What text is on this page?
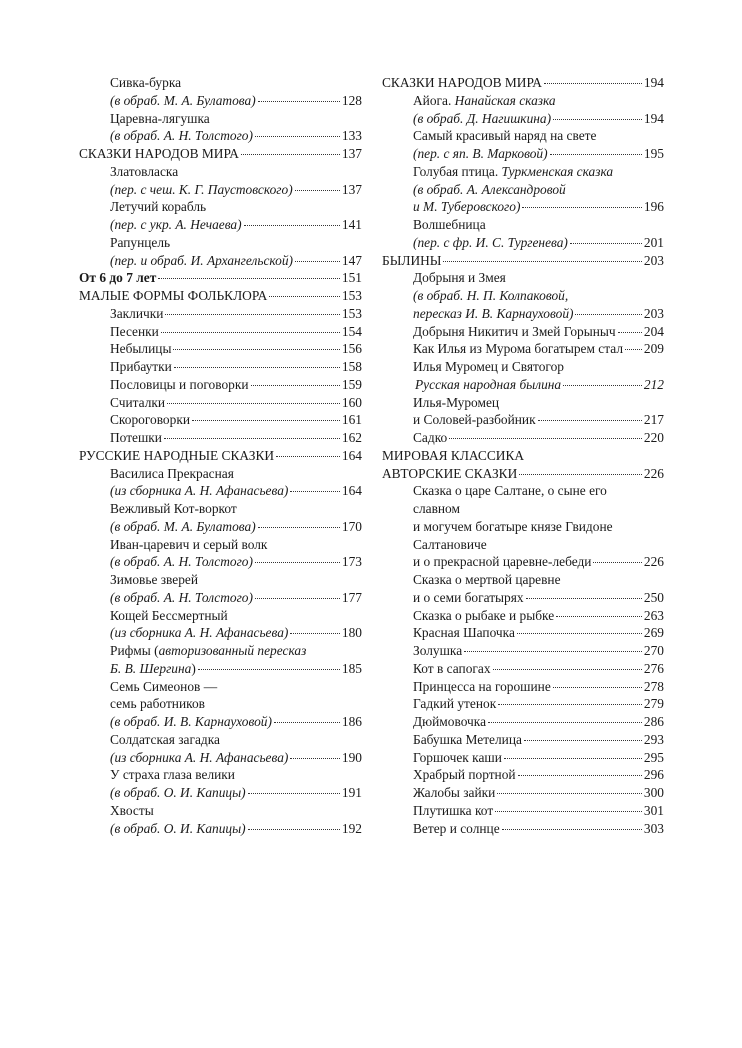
Сивка-бурка
(в обраб. М. А. Булатова)	128
Царевна-лягушка
(в обраб. А. Н. Толстого)	133
СКАЗКИ НАРОДОВ МИРА	137
Златовласка
(пер. с чеш. К. Г. Паустовского)	137
Летучий корабль
(пер. с укр. А. Нечаева)	141
Рапунцель
(пер. и обраб. И. Архангельской)	147
От 6 до 7 лет	151
МАЛЫЕ ФОРМЫ ФОЛЬКЛОРА	153
Заклички	153
Песенки	154
Небылицы	156
Прибаутки	158
Пословицы и поговорки	159
Считалки	160
Скороговорки	161
Потешки	162
РУССКИЕ НАРОДНЫЕ СКАЗКИ	164
Василиса Прекрасная
(из сборника А. Н. Афанасьева)	164
Вежливый Кот-воркот
(в обраб. М. А. Булатова)	170
Иван-царевич и серый волк
(в обраб. А. Н. Толстого)	173
Зимовье зверей
(в обраб. А. Н. Толстого)	177
Кощей Бессмертный
(из сборника А. Н. Афанасьева)	180
Рифмы (авторизованный пересказ
Б. В. Шергина)	185
Семь Симеонов —
семь работников
(в обраб. И. В. Карнауховой)	186
Солдатская загадка
(из сборника А. Н. Афанасьева)	190
У страха глаза велики
(в обраб. О. И. Капицы)	191
Хвосты
(в обраб. О. И. Капицы)	192
СКАЗКИ НАРОДОВ МИРА	194
Айога. Нанайская сказка
(в обраб. Д. Нагишкина)	194
Самый красивый наряд на свете
(пер. с яп. В. Марковой)	195
Голубая птица. Туркменская сказка
(в обраб. А. Александровой
и М. Туберовского)	196
Волшебница
(пер. с фр. И. С. Тургенева)	201
БЫЛИНЫ	203
Добрыня и Змея
(в обраб. Н. П. Колпаковой,
пересказ И. В. Карнауховой)	203
Добрыня Никитич и Змей Горыныч 204
Как Илья из Мурома богатырем стал 209
Илья Муромец и Святогор
Русская народная былина	212
Илья-Муромец
и Соловей-разбойник	217
Садко	220
МИРОВАЯ КЛАССИКА
АВТОРСКИЕ СКАЗКИ	226
Сказка о царе Салтане, о сыне его
славном
и могучем богатыре князе Гвидоне
Салтановиче
и о прекрасной царевне-лебеди	226
Сказка о мертвой царевне
и о семи богатырях	250
Сказка о рыбаке и рыбке	263
Красная Шапочка	269
Золушка	270
Кот в сапогах	276
Принцесса на горошине	278
Гадкий утенок	279
Дюймовочка	286
Бабушка Метелица	293
Горшочек каши	295
Храбрый портной	296
Жалобы зайки	300
Плутишка кот	301
Ветер и солнце	303
